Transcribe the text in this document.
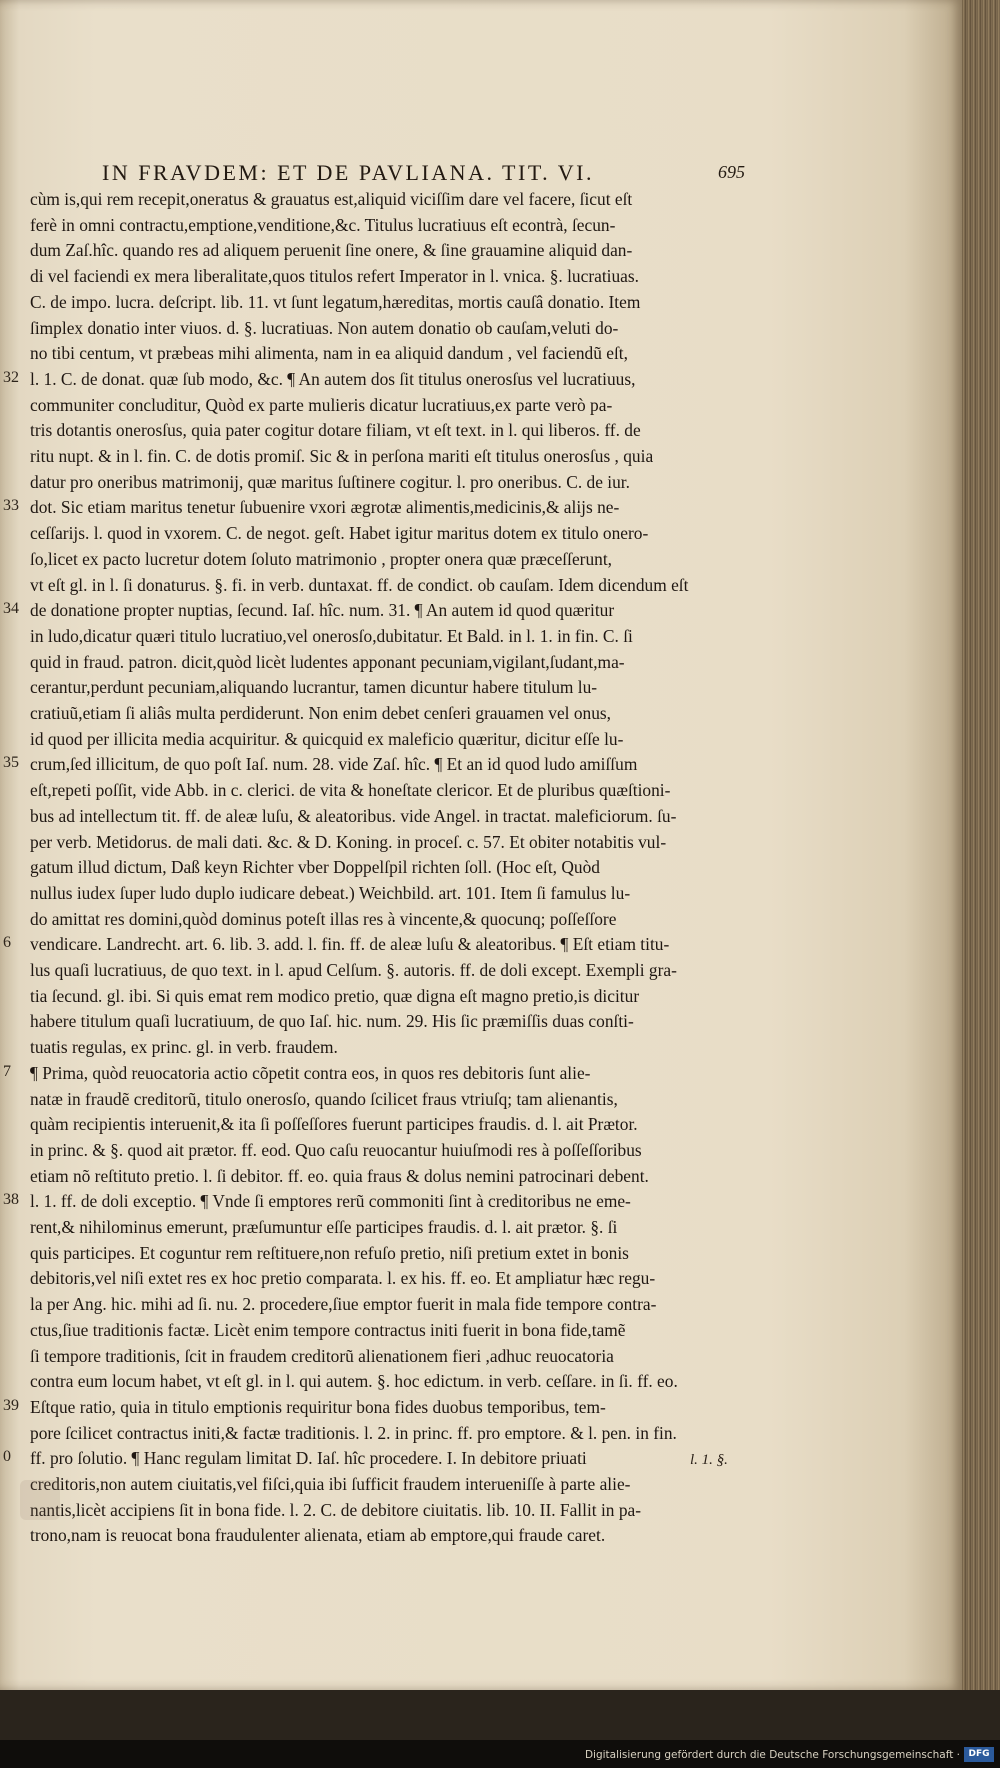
IN FRAVDEM: ET DE PAVLIANA. TIT. VI.	695
cùm is,qui rem recepit,oneratus & grauatus est,aliquid viciſſim dare vel facere, ſicut eſt
ferè in omni contractu,emptione,venditione,&c. Titulus lucratiuus eſt econtrà, ſecun-
dum Zaſ.hîc. quando res ad aliquem peruenit ſine onere, & ſine grauamine aliquid dan-
di vel faciendi ex mera liberalitate,quos titulos refert Imperator in l. vnica. §. lucratiuas.
C. de impo. lucra. deſcript. lib. 11. vt ſunt legatum,hæreditas, mortis cauſâ donatio. Item
ſimplex donatio inter viuos. d. §. lucratiuas. Non autem donatio ob cauſam,veluti do-
no tibi centum, vt præbeas mihi alimenta, nam in ea aliquid dandum , vel faciendũ eſt,
l. 1. C. de donat. quæ ſub modo, &c. ¶ An autem dos ſit titulus onerosſus vel lucratiuus,
communiter concluditur, Quòd ex parte mulieris dicatur lucratiuus,ex parte verò pa-
tris dotantis onerosſus, quia pater cogitur dotare filiam, vt eſt text. in l. qui liberos. ff. de
ritu nupt. & in l. fin. C. de dotis promiſ. Sic & in perſona mariti eſt titulus onerosſus , quia
datur pro oneribus matrimonij, quæ maritus ſuſtinere cogitur. l. pro oneribus. C. de iur.
dot. Sic etiam maritus tenetur ſubuenire vxori ægrotæ alimentis,medicinis,& alijs ne-
ceſſarijs. l. quod in vxorem. C. de negot. geſt. Habet igitur maritus dotem ex titulo onero-
ſo,licet ex pacto lucretur dotem ſoluto matrimonio , propter onera quæ præceſſerunt,
vt eſt gl. in l. ſi donaturus. §. fi. in verb. duntaxat. ff. de condict. ob cauſam. Idem dicendum eſt
de donatione propter nuptias, ſecund. Iaſ. hîc. num. 31. ¶ An autem id quod quæritur
in ludo,dicatur quæri titulo lucratiuo,vel onerosſo,dubitatur. Et Bald. in l. 1. in fin. C. ſi
quid in fraud. patron. dicit,quòd licèt ludentes apponant pecuniam,vigilant,ſudant,ma-
cerantur,perdunt pecuniam,aliquando lucrantur, tamen dicuntur habere titulum lu-
cratiuũ,etiam ſi aliâs multa perdiderunt. Non enim debet cenſeri grauamen vel onus,
id quod per illicita media acquiritur. & quicquid ex maleficio quæritur, dicitur eſſe lu-
crum,ſed illicitum, de quo poſt Iaſ. num. 28. vide Zaſ. hîc. ¶ Et an id quod ludo amiſſum
eſt,repeti poſſit, vide Abb. in c. clerici. de vita & honeſtate clericor. Et de pluribus quæſtioni-
bus ad intellectum tit. ff. de aleæ luſu, & aleatoribus. vide Angel. in tractat. maleficiorum. ſu-
per verb. Metidorus. de mali dati. &c. & D. Koning. in proceſ. c. 57. Et obiter notabitis vul-
gatum illud dictum, Daß keyn Richter vber Doppelſpil richten ſoll. (Hoc eſt, Quòd
nullus iudex ſuper ludo duplo iudicare debeat.) Weichbild. art. 101. Item ſi famulus lu-
do amittat res domini,quòd dominus poteſt illas res à vincente,& quocunq; poſſeſſore
vendicare. Landrecht. art. 6. lib. 3. add. l. fin. ff. de aleæ luſu & aleatoribus. ¶ Eſt etiam titu-
lus quaſi lucratiuus, de quo text. in l. apud Celſum. §. autoris. ff. de doli except. Exempli gra-
tia ſecund. gl. ibi. Si quis emat rem modico pretio, quæ digna eſt magno pretio,is dicitur
habere titulum quaſi lucratiuum, de quo Iaſ. hic. num. 29. His ſic præmiſſis duas conſti-
tuatis regulas, ex princ. gl. in verb. fraudem.
¶ Prima, quòd reuocatoria actio cõpetit contra eos, in quos res debitoris ſunt alie-
natæ in fraudẽ creditorũ, titulo onerosſo, quando ſcilicet fraus vtriuſq; tam alienantis,
quàm recipientis interuenit,& ita ſi poſſeſſores fuerunt participes fraudis. d. l. ait Prætor.
in princ. & §. quod ait prætor. ff. eod. Quo caſu reuocantur huiuſmodi res à poſſeſſoribus
etiam nõ reſtituto pretio. l. ſi debitor. ff. eo. quia fraus & dolus nemini patrocinari debent.
l. 1. ff. de doli exceptio. ¶ Vnde ſi emptores rerũ commoniti ſint à creditoribus ne eme-
rent,& nihilominus emerunt, præſumuntur eſſe participes fraudis. d. l. ait prætor. §. ſi
quis participes. Et coguntur rem reſtituere,non refuſo pretio, niſi pretium extet in bonis
debitoris,vel niſi extet res ex hoc pretio comparata. l. ex his. ff. eo. Et ampliatur hæc regu-
la per Ang. hic. mihi ad ſi. nu. 2. procedere,ſiue emptor fuerit in mala fide tempore contra-
ctus,ſiue traditionis factæ. Licèt enim tempore contractus initi fuerit in bona fide,tamẽ
ſi tempore traditionis, ſcit in fraudem creditorũ alienationem fieri ,adhuc reuocatoria
contra eum locum habet, vt eſt gl. in l. qui autem. §. hoc edictum. in verb. ceſſare. in ſi. ff. eo.
Eſtque ratio, quia in titulo emptionis requiritur bona fides duobus temporibus, tem-
pore ſcilicet contractus initi,& factæ traditionis. l. 2. in princ. ff. pro emptore. & l. pen. in fin.
ff. pro ſolutio. ¶ Hanc regulam limitat D. Iaſ. hîc procedere. I. In debitore priuati
creditoris,non autem ciuitatis,vel fiſci,quia ibi ſufficit fraudem interueniſſe à parte alie-
nantis,licèt accipiens ſit in bona fide. l. 2. C. de debitore ciuitatis. lib. 10. II. Fallit in pa-
trono,nam is reuocat bona fraudulenter alienata, etiam ab emptore,qui fraude caret.
32
33
34
35
6
7
38
39
0	l. 1. §.
Digitalisierung gefördert durch die Deutsche Forschungsgemeinschaft · DFG
